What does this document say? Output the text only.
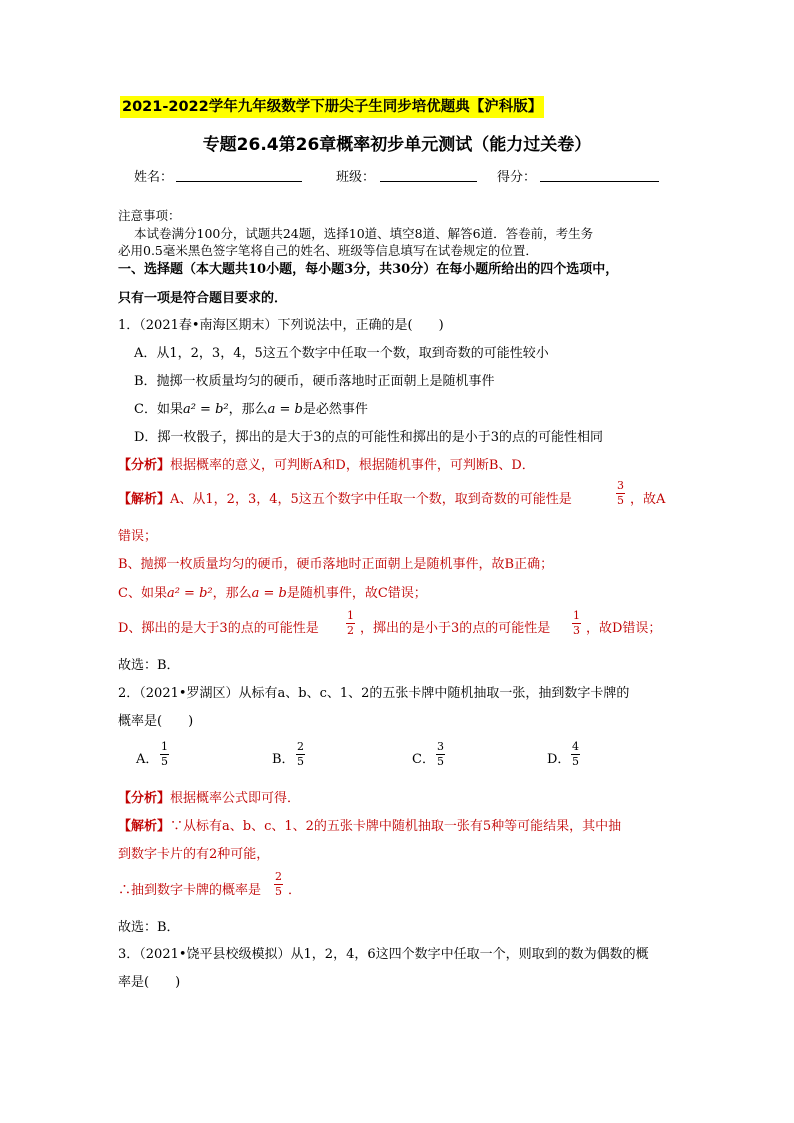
2021-2022学年九年级数学下册尖子生同步培优题典【沪科版】
专题26.4第26章概率初步单元测试（能力过关卷）
姓名：	班级：	得分：
注意事项：
本试卷满分100分，试题共24题，选择10道、填空8道、解答6道．答卷前，考生务
必用0.5毫米黑色签字笔将自己的姓名、班级等信息填写在试卷规定的位置．
一、选择题（本大题共10小题，每小题3分，共30分）在每小题所给出的四个选项中，
只有一项是符合题目要求的．
1．（2021春•南海区期末）下列说法中，正确的是(　　)
A．从1，2，3，4，5这五个数字中任取一个数，取到奇数的可能性较小
B．抛掷一枚质量均匀的硬币，硬币落地时正面朝上是随机事件
C．如果a² = b²，那么a = b是必然事件
D．掷一枚骰子，掷出的是大于3的点的可能性和掷出的是小于3的点的可能性相同
【分析】根据概率的意义，可判断A和D，根据随机事件，可判断B、D．
【解析】A、从1，2，3，4，5这五个数字中任取一个数，取到奇数的可能性是	$\frac{3}{5}$ ，故A
错误；
B、抛掷一枚质量均匀的硬币，硬币落地时正面朝上是随机事件，故B正确；
C、如果a² = b²，那么a = b是随机事件，故C错误；
D、掷出的是大于3的点的可能性是 $\frac{1}{2}$ ，掷出的是小于3的点的可能性是 $\frac{1}{3}$ ，故D错误；
故选：B．
2．（2021•罗湖区）从标有a、b、c、1、2的五张卡牌中随机抽取一张，抽到数字卡牌的
概率是(　　)
A． $\frac{1}{5}$	B． $\frac{2}{5}$	C． $\frac{3}{5}$	D． $\frac{4}{5}$
【分析】根据概率公式即可得．
【解析】∵从标有a、b、c、1、2的五张卡牌中随机抽取一张有5种等可能结果，其中抽
到数字卡片的有2种可能，
∴抽到数字卡牌的概率是 $\frac{2}{5}$ ．
故选：B．
3．（2021•饶平县校级模拟）从1，2，4，6这四个数字中任取一个，则取到的数为偶数的概
率是(　　)
